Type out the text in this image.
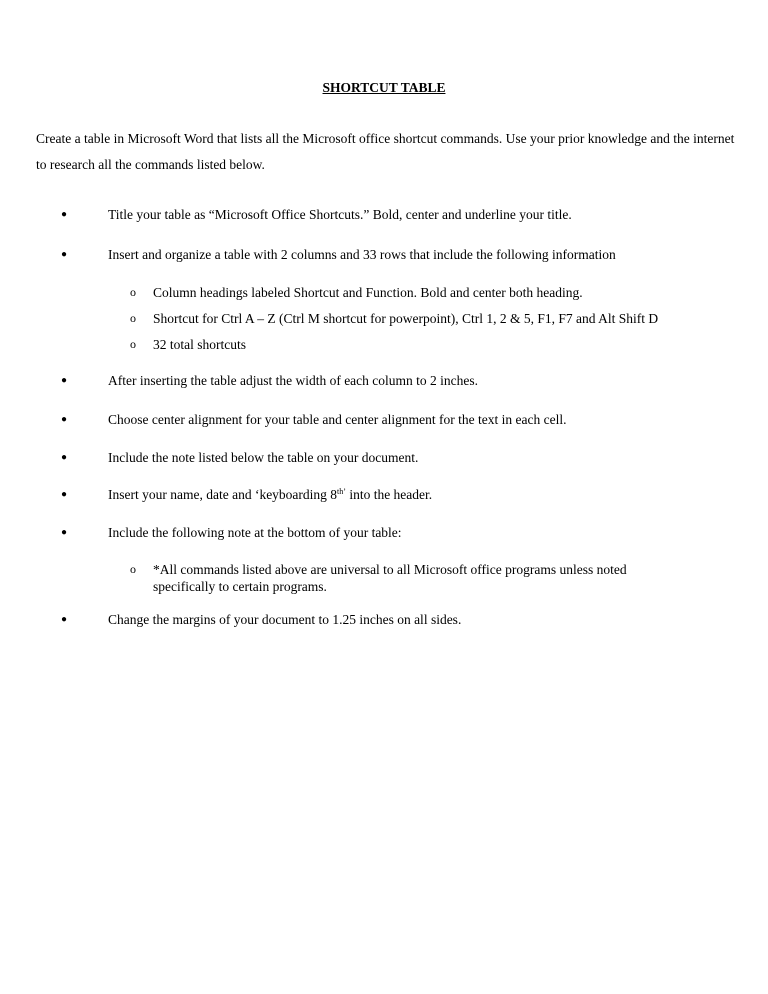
SHORTCUT TABLE
Create a table in Microsoft Word that lists all the Microsoft office shortcut commands. Use your prior knowledge and the internet to research all the commands listed below.
●	Title your table as “Microsoft Office Shortcuts.” Bold, center and underline your title.
●	Insert and organize a table with 2 columns and 33 rows that include the following information
o Column headings labeled Shortcut and Function. Bold and center both heading.
o Shortcut for Ctrl A – Z (Ctrl M shortcut for powerpoint), Ctrl 1, 2 & 5, F1, F7 and Alt Shift D
o 32 total shortcuts
●	After inserting the table adjust the width of each column to 2 inches.
●	Choose center alignment for your table and center alignment for the text in each cell.
●	Include the note listed below the table on your document.
●	Insert your name, date and ‘keyboarding $8^{th’}$ into the header.
●	Include the following note at the bottom of your table:
o *All commands listed above are universal to all Microsoft office programs unless noted specifically to certain programs.
●	Change the margins of your document to 1.25 inches on all sides.
